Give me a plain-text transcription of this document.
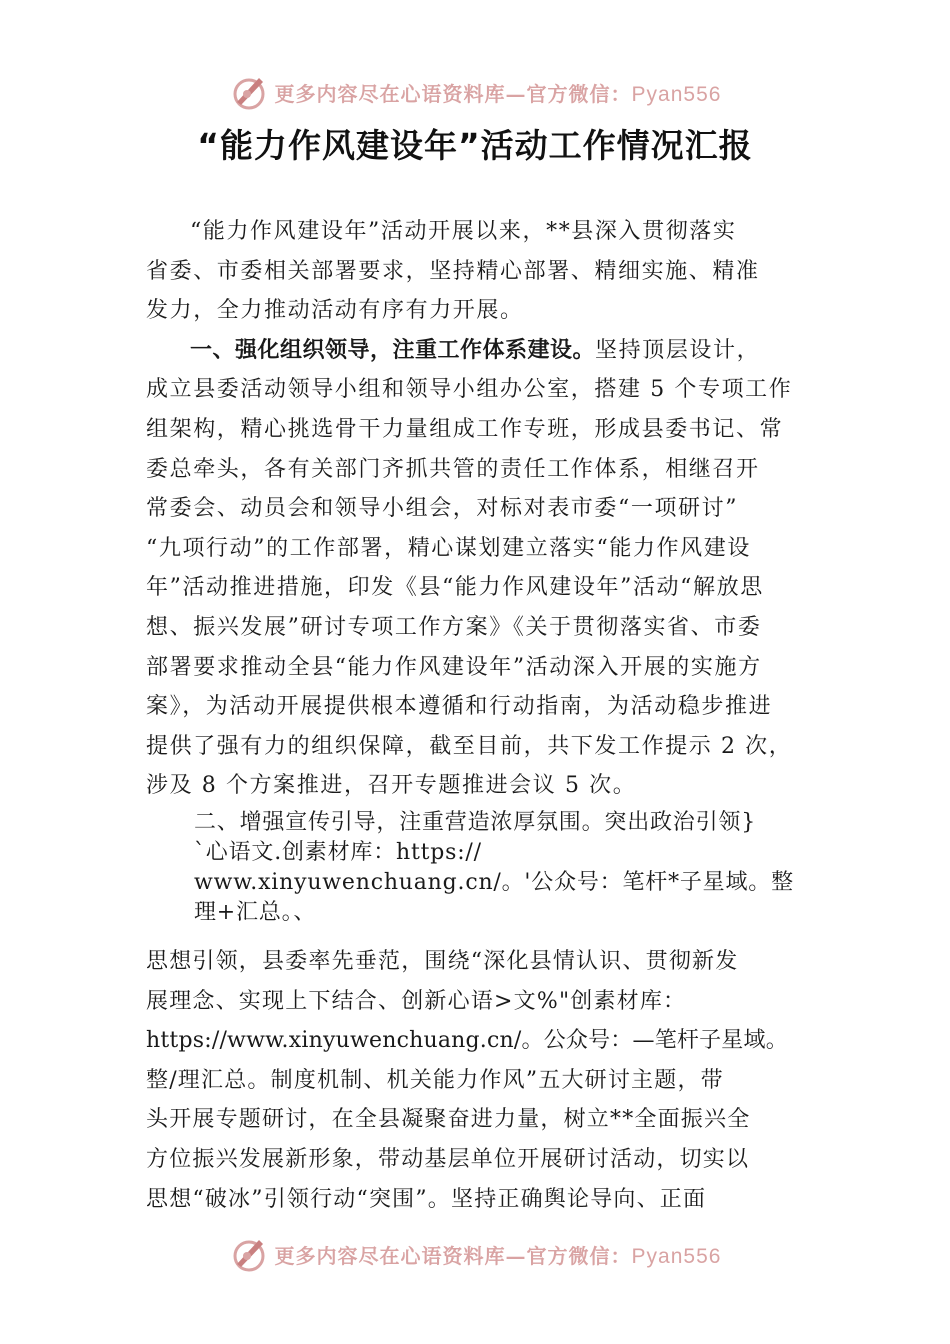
更多内容尽在心语资料库—官方微信：Pyan556
“能力作风建设年”活动工作情况汇报
“能力作风建设年”活动开展以来，**县深入贯彻落实
省委、市委相关部署要求，坚持精心部署、精细实施、精准
发力，全力推动活动有序有力开展。
一、强化组织领导，注重工作体系建设。坚持顶层设计，
成立县委活动领导小组和领导小组办公室，搭建 5 个专项工作
组架构，精心挑选骨干力量组成工作专班，形成县委书记、常
委总牵头，各有关部门齐抓共管的责任工作体系，相继召开
常委会、动员会和领导小组会，对标对表市委“一项研讨”
“九项行动”的工作部署，精心谋划建立落实“能力作风建设
年”活动推进措施，印发《县“能力作风建设年”活动“解放思
想、振兴发展”研讨专项工作方案》《关于贯彻落实省、市委
部署要求推动全县“能力作风建设年”活动深入开展的实施方
案》，为活动开展提供根本遵循和行动指南，为活动稳步推进
提供了强有力的组织保障，截至目前，共下发工作提示 2 次，
涉及 8 个方案推进，召开专题推进会议 5 次。
二、增强宣传引导，注重营造浓厚氛围。突出政治引领}
`心语文.创素材库：https://
www.xinyuwenchuang.cn/。'公众号：笔杆*子星域。整
理+汇总。、
思想引领，县委率先垂范，围绕“深化县情认识、贯彻新发
展理念、实现上下结合、创新心语>文%"创素材库：
https://www.xinyuwenchuang.cn/。公众号：—笔杆子星域。
整/理汇总。制度机制、机关能力作风”五大研讨主题，带
头开展专题研讨，在全县凝聚奋进力量，树立**全面振兴全
方位振兴发展新形象，带动基层单位开展研讨活动，切实以
思想“破冰”引领行动“突围”。坚持正确舆论导向、正面
更多内容尽在心语资料库—官方微信：Pyan556
